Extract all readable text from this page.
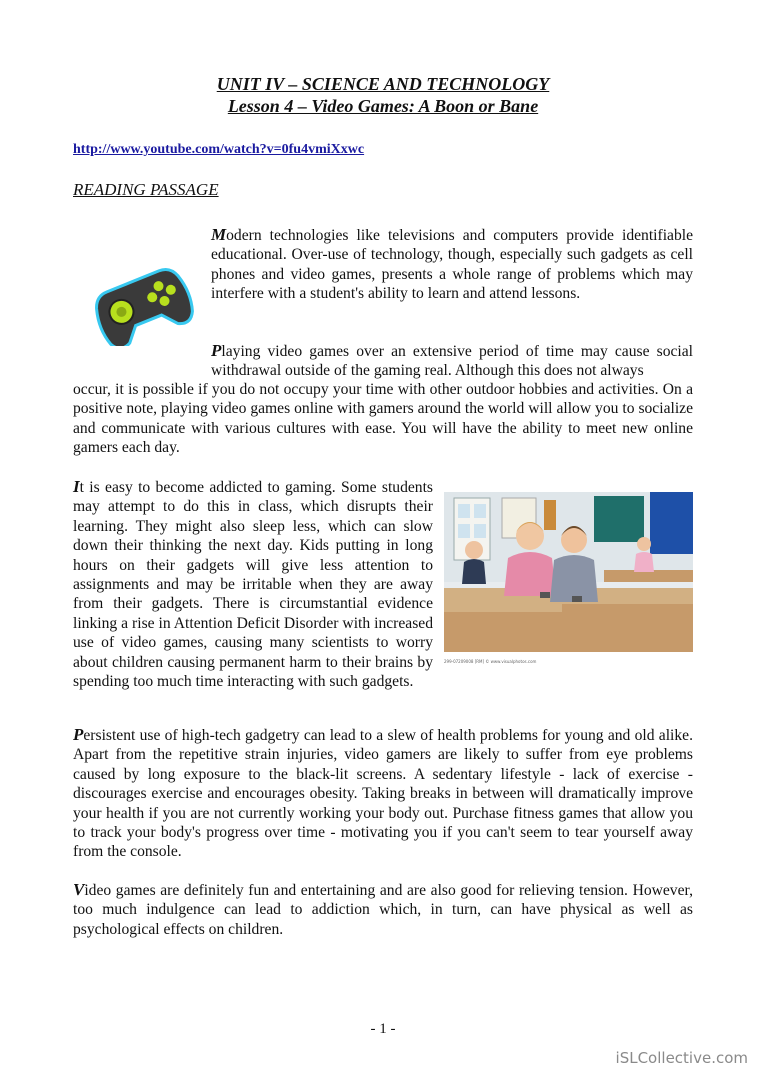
UNIT IV – SCIENCE AND TECHNOLOGY
Lesson 4 – Video Games: A Boon or Bane
http://www.youtube.com/watch?v=0fu4vmiXxwc
READING PASSAGE

Modern technologies like televisions and computers provide identifiable educational. Over-use of technology, though, especially such gadgets as cell phones and video games, presents a whole range of problems which may interfere with a student's ability to learn and attend lessons.

Playing video games over an extensive period of time may cause social withdrawal outside of the gaming real. Although this does not always

occur, it is possible if you do not occupy your time with other outdoor hobbies and activities. On a positive note, playing video games online with gamers around the world will allow you to socialize and communicate with various cultures with ease. You will have the ability to meet new online gamers each day.

It is easy to become addicted to gaming. Some students may attempt to do this in class, which disrupts their learning. They might also sleep less, which can slow down their thinking the next day. Kids putting in long hours on their gadgets will give less attention to assignments and may be irritable when they are away from their gadgets. There is circumstantial evidence linking a rise in Attention Deficit Disorder with increased use of video games, causing many scientists to worry about children causing permanent harm to their brains by spending too much time interacting with such gadgets.

299-07209008 [RM] © www.visualphotos.com

Persistent use of high-tech gadgetry can lead to a slew of health problems for young and old alike. Apart from the repetitive strain injuries, video gamers are likely to suffer from eye problems caused by long exposure to the black-lit screens. A sedentary lifestyle - lack of exercise - discourages exercise and encourages obesity. Taking breaks in between will dramatically improve your health if you are not currently working your body out. Purchase fitness games that allow you to track your body's progress over time - motivating you if you can't seem to tear yourself away from the console.

Video games are definitely fun and entertaining and are also good for relieving tension. However, too much indulgence can lead to addiction which, in turn, can have physical as well as psychological effects on children.

- 1 -
iSLCollective.com
